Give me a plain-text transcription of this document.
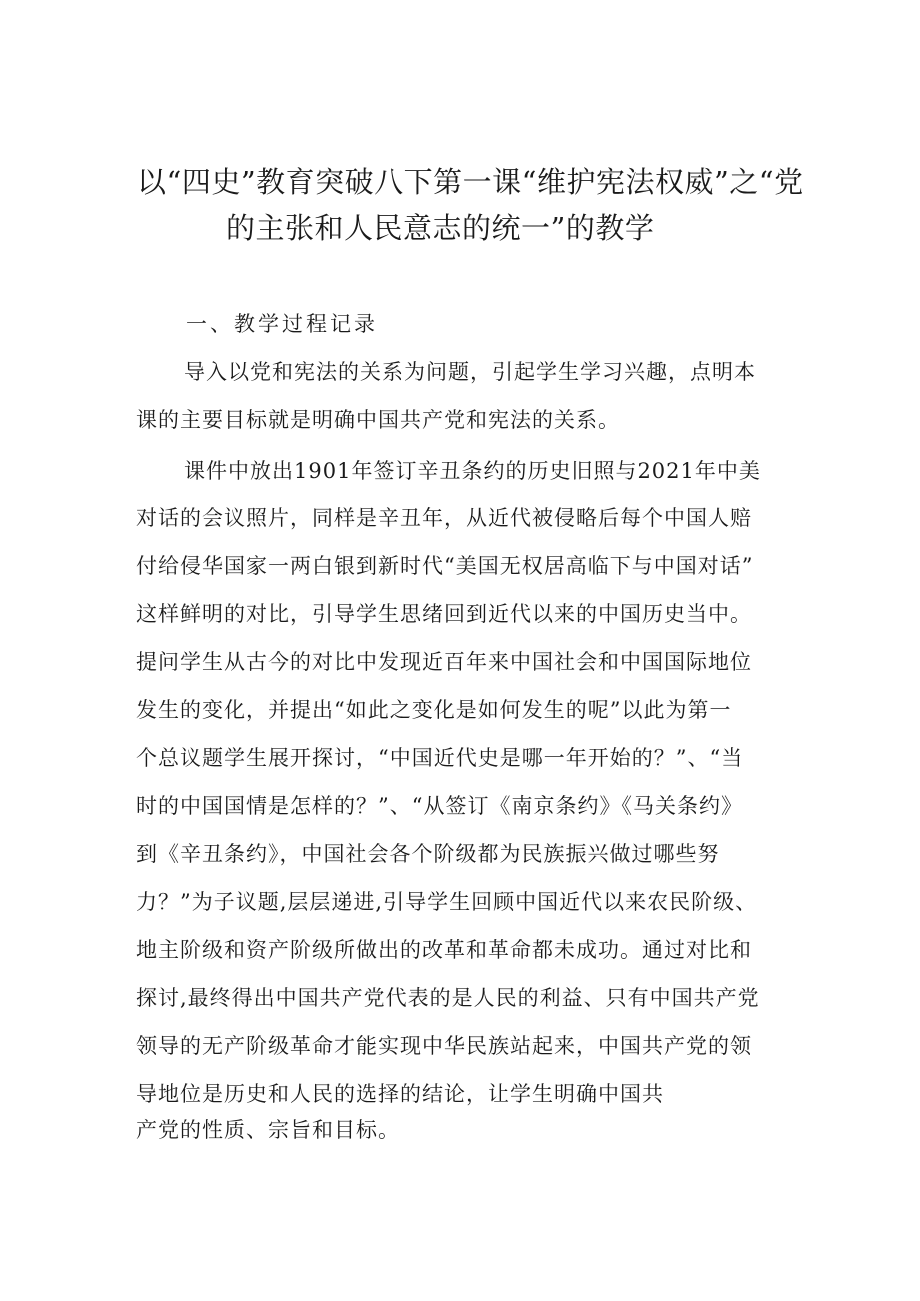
以“四史”教育突破八下第一课“维护宪法权威”之“党
的主张和人民意志的统一”的教学
一、教学过程记录
导入以党和宪法的关系为问题，引起学生学习兴趣，点明本
课的主要目标就是明确中国共产党和宪法的关系。
课件中放出1901年签订辛丑条约的历史旧照与2021年中美
对话的会议照片，同样是辛丑年，从近代被侵略后每个中国人赔
付给侵华国家一两白银到新时代“美国无权居高临下与中国对话”
这样鲜明的对比，引导学生思绪回到近代以来的中国历史当中。
提问学生从古今的对比中发现近百年来中国社会和中国国际地位
发生的变化，并提出“如此之变化是如何发生的呢”以此为第一
个总议题学生展开探讨，“中国近代史是哪一年开始的？”、“当
时的中国国情是怎样的？”、“从签订《南京条约》《马关条约》
到《辛丑条约》，中国社会各个阶级都为民族振兴做过哪些努
力？”为子议题,层层递进,引导学生回顾中国近代以来农民阶级、
地主阶级和资产阶级所做出的改革和革命都未成功。通过对比和
探讨,最终得出中国共产党代表的是人民的利益、只有中国共产党
领导的无产阶级革命才能实现中华民族站起来，中国共产党的领
导地位是历史和人民的选择的结论，让学生明确中国共
产党的性质、宗旨和目标。
